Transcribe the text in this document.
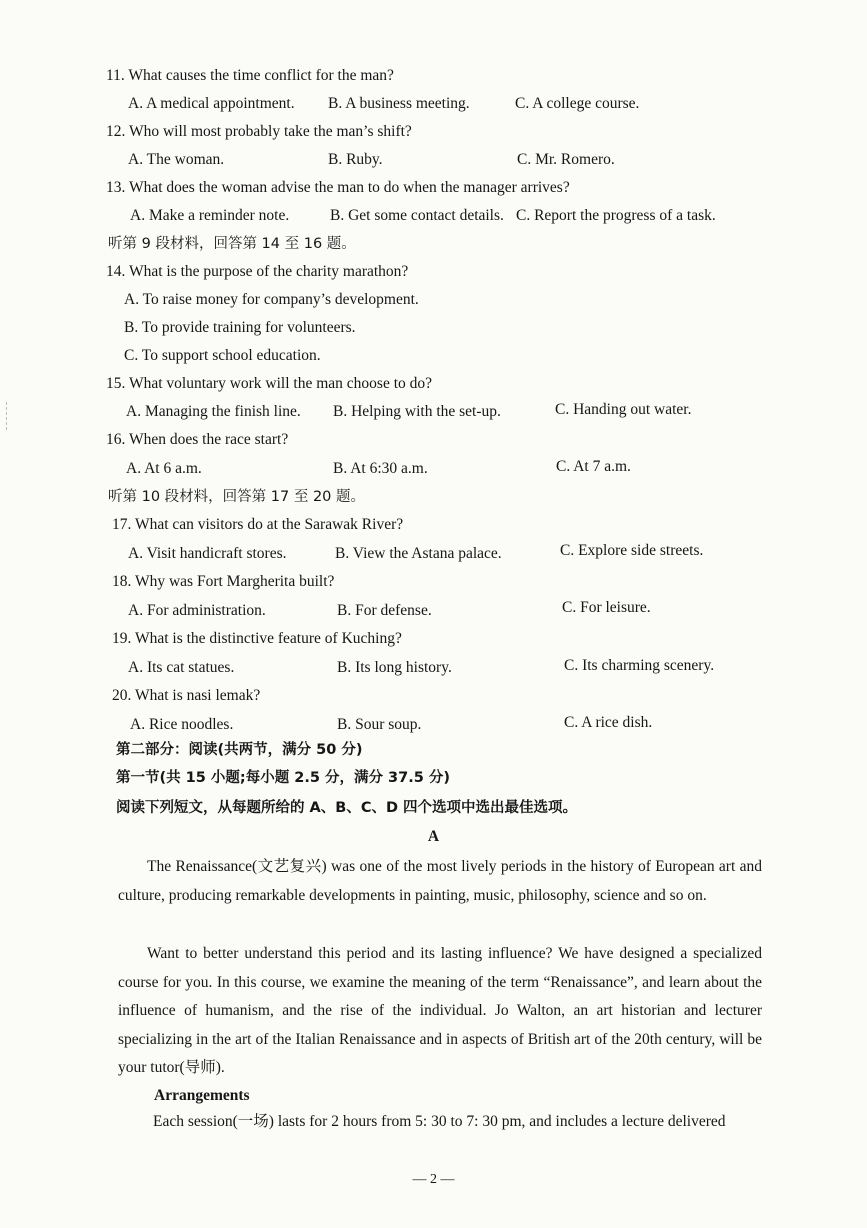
11. What causes the time conflict for the man?
A. A medical appointment. B. A business meeting.	C. A college course.
12. Who will most probably take the man’s shift?
A. The woman.	B. Ruby.	C. Mr. Romero.
13. What does the woman advise the man to do when the manager arrives?
A. Make a reminder note.	B. Get some contact details. C. Report the progress of a task.
听第 9 段材料，回答第 14 至 16 题。
14. What is the purpose of the charity marathon?
A. To raise money for company’s development.
B. To provide training for volunteers.
C. To support school education.
15. What voluntary work will the man choose to do?
A. Managing the finish line. B. Helping with the set-up.	C. Handing out water.
16. When does the race start?
A. At 6 a.m.	B. At 6:30 a.m.	C. At 7 a.m.
听第 10 段材料，回答第 17 至 20 题。
17. What can visitors do at the Sarawak River?
A. Visit handicraft stores.	B. View the Astana palace.	C. Explore side streets.
18. Why was Fort Margherita built?
A. For administration.	B. For defense.	C. For leisure.
19. What is the distinctive feature of Kuching?
A. Its cat statues.	B. Its long history.	C. Its charming scenery.
20. What is nasi lemak?
A. Rice noodles.	B. Sour soup.	C. A rice dish.
第二部分：阅读(共两节，满分 50 分)
第一节(共 15 小题;每小题 2.5 分，满分 37.5 分)
阅读下列短文，从每题所给的 A、B、C、D 四个选项中选出最佳选项。
A
The Renaissance(文艺复兴) was one of the most lively periods in the history of European art and culture, producing remarkable developments in painting, music, philosophy, science and so on.
Want to better understand this period and its lasting influence? We have designed a specialized course for you. In this course, we examine the meaning of the term “Renaissance”, and learn about the influence of humanism, and the rise of the individual. Jo Walton, an art historian and lecturer specializing in the art of the Italian Renaissance and in aspects of British art of the 20th century, will be your tutor(导师).
Arrangements
Each session(一场) lasts for 2 hours from 5: 30 to 7: 30 pm, and includes a lecture delivered
— 2 —
